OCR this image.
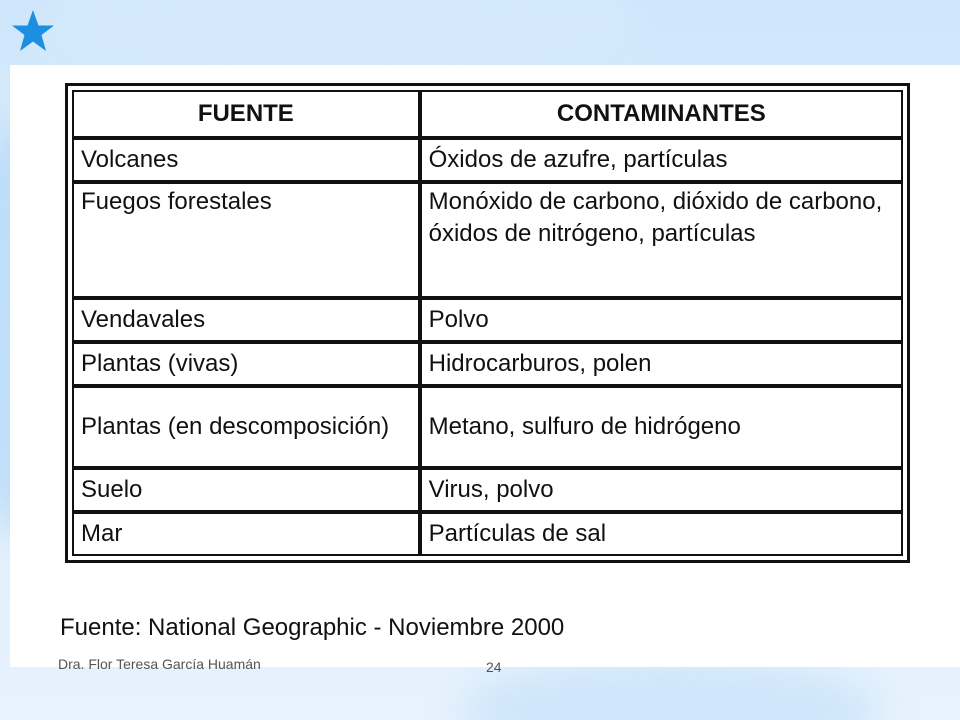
FUENTE	CONTAMINANTES
Volcanes	Óxidos de azufre, partículas
Fuegos forestales	Monóxido de carbono, dióxido de carbono, óxidos de nitrógeno, partículas
Vendavales	Polvo
Plantas (vivas)	Hidrocarburos, polen
Plantas (en descomposición)	Metano, sulfuro de hidrógeno
Suelo	Virus, polvo
Mar	Partículas de sal
Fuente: National Geographic - Noviembre 2000
Dra. Flor Teresa García Huamán	24
